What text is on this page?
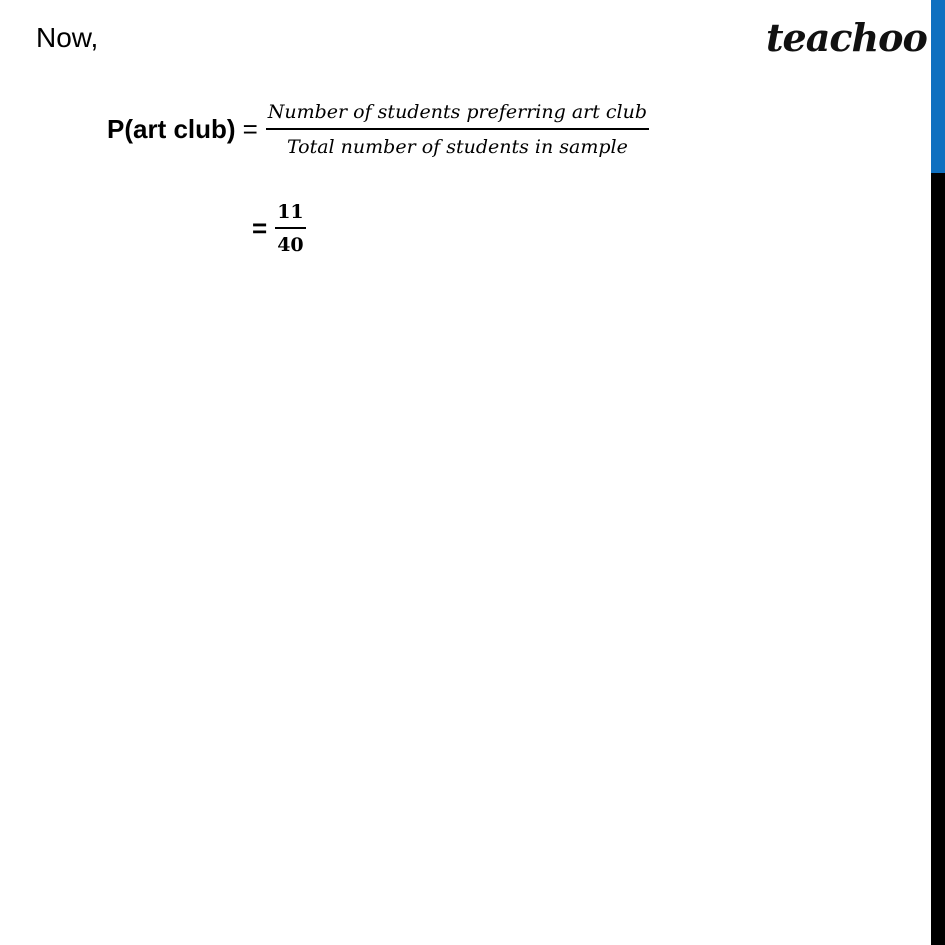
Now,	teachoo
P(art club) = $\frac{\text{Number of students preferring art club}}{\text{Total number of students in sample}}$
= $\frac{11}{40}$
